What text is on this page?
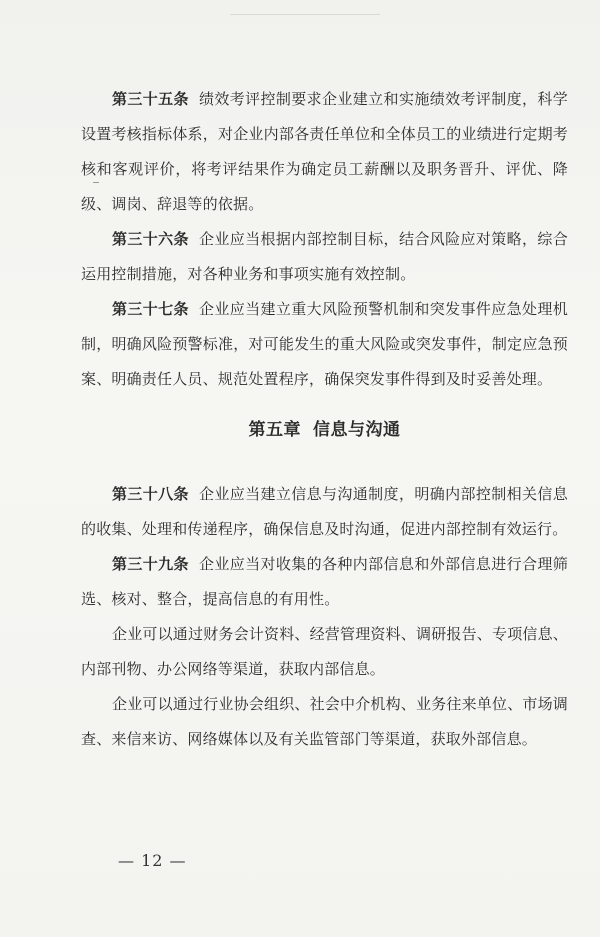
第三十五条 绩效考评控制要求企业建立和实施绩效考评制度，科学设置考核指标体系，对企业内部各责任单位和全体员工的业绩进行定期考核和客观评价，将考评结果作为确定员工薪酬以及职务晋升、评优、降级、调岗、辞退等的依据。

第三十六条 企业应当根据内部控制目标，结合风险应对策略，综合运用控制措施，对各种业务和事项实施有效控制。

第三十七条 企业应当建立重大风险预警机制和突发事件应急处理机制，明确风险预警标准，对可能发生的重大风险或突发事件，制定应急预案、明确责任人员、规范处置程序，确保突发事件得到及时妥善处理。

第五章 信息与沟通

第三十八条 企业应当建立信息与沟通制度，明确内部控制相关信息的收集、处理和传递程序，确保信息及时沟通，促进内部控制有效运行。

第三十九条 企业应当对收集的各种内部信息和外部信息进行合理筛选、核对、整合，提高信息的有用性。

企业可以通过财务会计资料、经营管理资料、调研报告、专项信息、内部刊物、办公网络等渠道，获取内部信息。

企业可以通过行业协会组织、社会中介机构、业务往来单位、市场调查、来信来访、网络媒体以及有关监管部门等渠道，获取外部信息。

— 12 —
